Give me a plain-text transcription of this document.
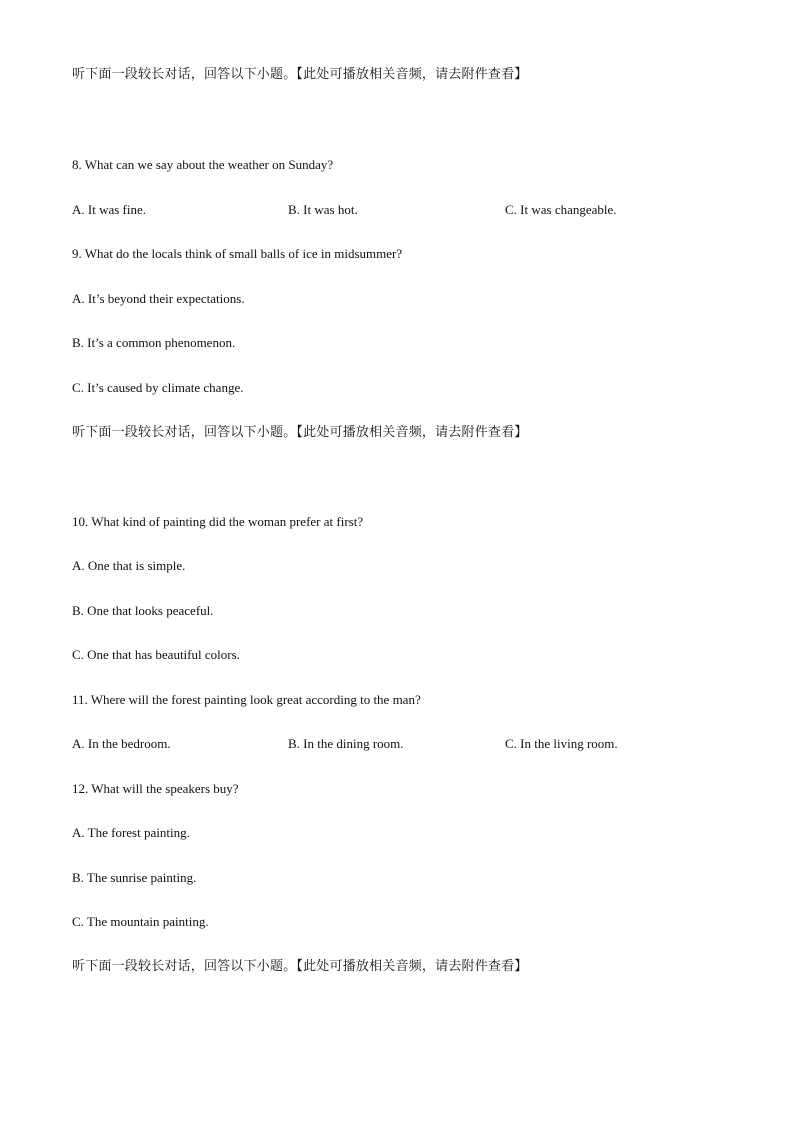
听下面一段较长对话，回答以下小题。【此处可播放相关音频，请去附件查看】
8. What can we say about the weather on Sunday?
A. It was fine.	B. It was hot.	C. It was changeable.
9. What do the locals think of small balls of ice in midsummer?
A. It’s beyond their expectations.
B. It’s a common phenomenon.
C. It’s caused by climate change.
听下面一段较长对话，回答以下小题。【此处可播放相关音频，请去附件查看】
10. What kind of painting did the woman prefer at first?
A. One that is simple.
B. One that looks peaceful.
C. One that has beautiful colors.
11. Where will the forest painting look great according to the man?
A. In the bedroom.	B. In the dining room.	C. In the living room.
12. What will the speakers buy?
A. The forest painting.
B. The sunrise painting.
C. The mountain painting.
听下面一段较长对话，回答以下小题。【此处可播放相关音频，请去附件查看】
